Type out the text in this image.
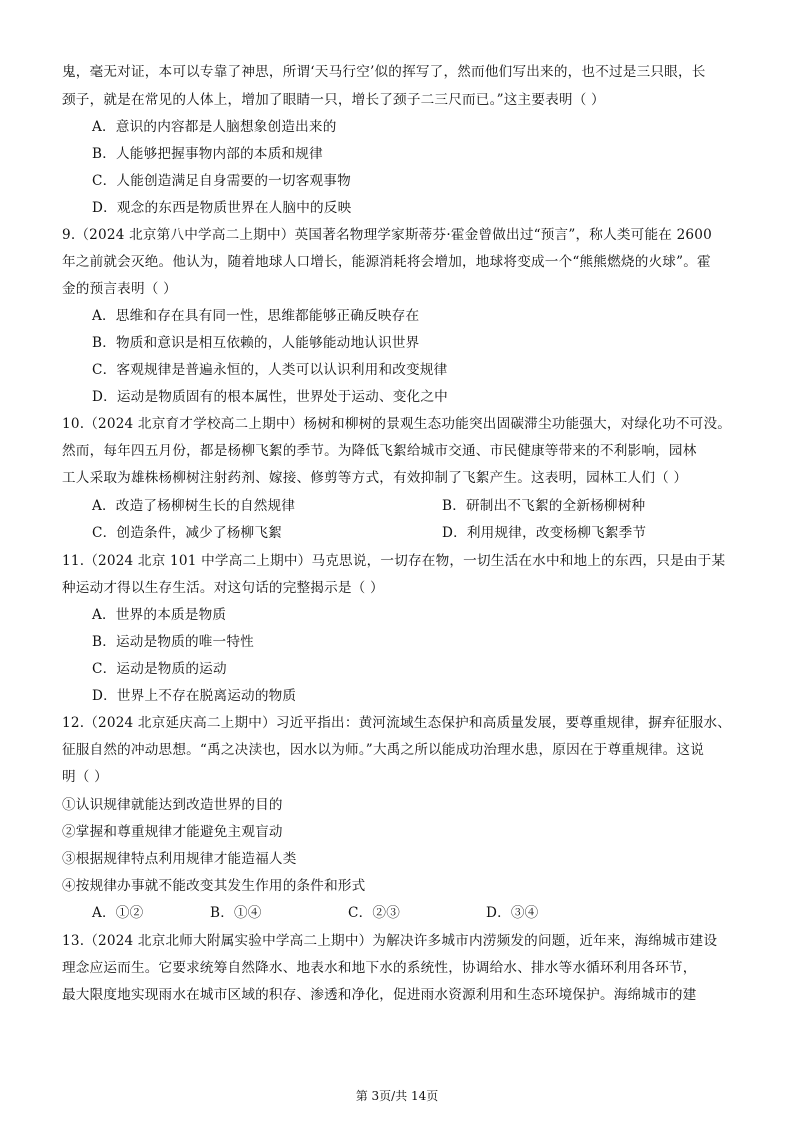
鬼，毫无对证，本可以专靠了神思，所谓‘天马行空’似的挥写了，然而他们写出来的，也不过是三只眼，长
颈子，就是在常见的人体上，增加了眼睛一只，增长了颈子二三尺而已。”这主要表明（ ）
A．意识的内容都是人脑想象创造出来的
B．人能够把握事物内部的本质和规律
C．人能创造满足自身需要的一切客观事物
D．观念的东西是物质世界在人脑中的反映
9.（2024 北京第八中学高二上期中）英国著名物理学家斯蒂芬·霍金曾做出过“预言”，称人类可能在 2600
年之前就会灭绝。他认为，随着地球人口增长，能源消耗将会增加，地球将变成一个“熊熊燃烧的火球”。霍
金的预言表明（ ）
A．思维和存在具有同一性，思维都能够正确反映存在
B．物质和意识是相互依赖的，人能够能动地认识世界
C．客观规律是普遍永恒的，人类可以认识利用和改变规律
D．运动是物质固有的根本属性，世界处于运动、变化之中
10.（2024 北京育才学校高二上期中）杨树和柳树的景观生态功能突出固碳滞尘功能强大，对绿化功不可没。
然而，每年四五月份，都是杨柳飞絮的季节。为降低飞絮给城市交通、市民健康等带来的不利影响，园林
工人采取为雄株杨柳树注射药剂、嫁接、修剪等方式，有效抑制了飞絮产生。这表明，园林工人们（ ）
A．改造了杨柳树生长的自然规律	B．研制出不飞絮的全新杨柳树种
C．创造条件，减少了杨柳飞絮	D．利用规律，改变杨柳飞絮季节
11.（2024 北京 101 中学高二上期中）马克思说，一切存在物，一切生活在水中和地上的东西，只是由于某
种运动才得以生存生活。对这句话的完整揭示是（ ）
A．世界的本质是物质
B．运动是物质的唯一特性
C．运动是物质的运动
D．世界上不存在脱离运动的物质
12.（2024 北京延庆高二上期中）习近平指出：黄河流域生态保护和高质量发展，要尊重规律，摒弃征服水、
征服自然的冲动思想。“禹之决渎也，因水以为师。”大禹之所以能成功治理水患，原因在于尊重规律。这说
明（ ）
①认识规律就能达到改造世界的目的
②掌握和尊重规律才能避免主观盲动
③根据规律特点利用规律才能造福人类
④按规律办事就不能改变其发生作用的条件和形式
A．①②	B．①④	C．②③	D．③④
13.（2024 北京北师大附属实验中学高二上期中）为解决许多城市内涝频发的问题，近年来，海绵城市建设
理念应运而生。它要求统筹自然降水、地表水和地下水的系统性，协调给水、排水等水循环利用各环节，
最大限度地实现雨水在城市区域的积存、渗透和净化，促进雨水资源利用和生态环境保护。海绵城市的建
第 3页/共 14页
